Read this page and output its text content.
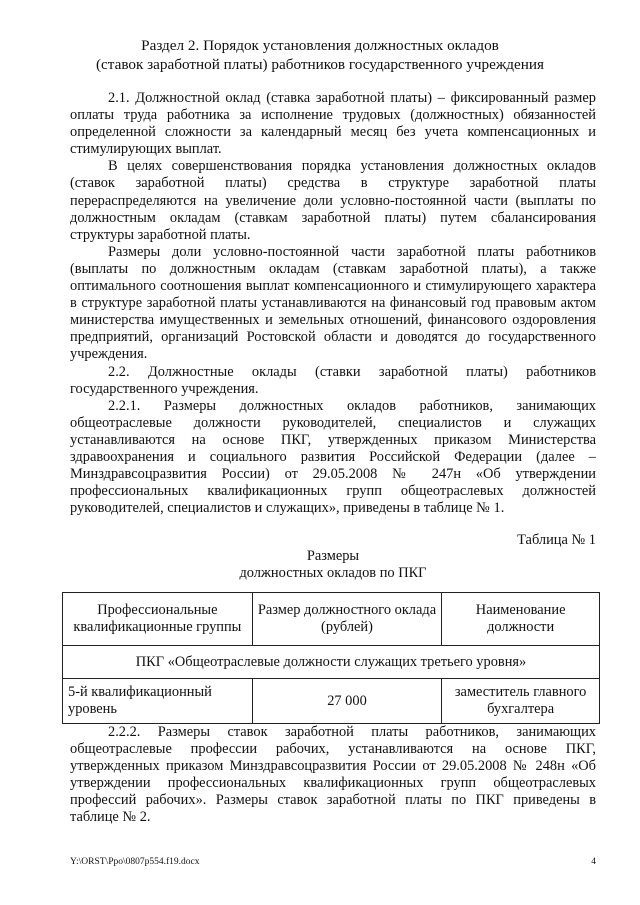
Раздел 2. Порядок установления должностных окладов
(ставок заработной платы) работников государственного учреждения

2.1. Должностной оклад (ставка заработной платы) – фиксированный размер оплаты труда работника за исполнение трудовых (должностных) обязанностей определенной сложности за календарный месяц без учета компенсационных и стимулирующих выплат.

В целях совершенствования порядка установления должностных окладов (ставок заработной платы) средства в структуре заработной платы перераспределяются на увеличение доли условно-постоянной части (выплаты по должностным окладам (ставкам заработной платы) путем сбалансирования структуры заработной платы.

Размеры доли условно-постоянной части заработной платы работников (выплаты по должностным окладам (ставкам заработной платы), а также оптимального соотношения выплат компенсационного и стимулирующего характера в структуре заработной платы устанавливаются на финансовый год правовым актом министерства имущественных и земельных отношений, финансового оздоровления предприятий, организаций Ростовской области и доводятся до государственного учреждения.

2.2. Должностные оклады (ставки заработной платы) работников государственного учреждения.

2.2.1. Размеры должностных окладов работников, занимающих общеотраслевые должности руководителей, специалистов и служащих устанавливаются на основе ПКГ, утвержденных приказом Министерства здравоохранения и социального развития Российской Федерации (далее – Минздравсоцразвития России) от 29.05.2008 № 247н «Об утверждении профессиональных квалификационных групп общеотраслевых должностей руководителей, специалистов и служащих», приведены в таблице № 1.

Таблица № 1
Размеры
должностных окладов по ПКГ
Профессиональные квалификационные группы	Размер должностного оклада (рублей)	Наименование должности
ПКГ «Общеотраслевые должности служащих третьего уровня»		
5-й квалификационный уровень	27 000	заместитель главного бухгалтера

2.2.2. Размеры ставок заработной платы работников, занимающих общеотраслевые профессии рабочих, устанавливаются на основе ПКГ, утвержденных приказом Минздравсоцразвития России от 29.05.2008 № 248н «Об утверждении профессиональных квалификационных групп общеотраслевых профессий рабочих». Размеры ставок заработной платы по ПКГ приведены в таблице № 2.

Y:\ORST\Ppo\0807p554.f19.docx	4
